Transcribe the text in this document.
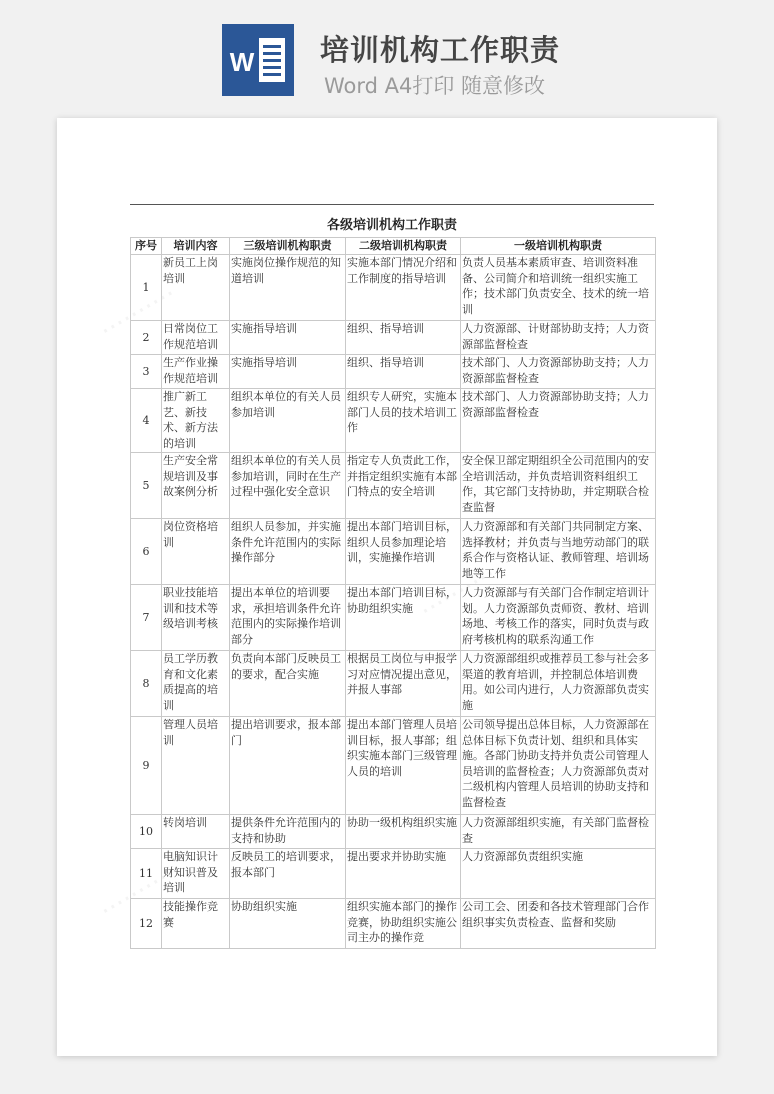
W 培训机构工作职责
Word A4打印 随意修改
各级培训机构工作职责
序号	培训内容	三级培训机构职责	二级培训机构职责	一级培训机构职责
1	新员工上岗培训	实施岗位操作规范的知道培训	实施本部门情况介绍和工作制度的指导培训	负责人员基本素质审查、培训资料准备、公司简介和培训统一组织实施工作；技术部门负责安全、技术的统一培训
2	日常岗位工作规范培训	实施指导培训	组织、指导培训	人力资源部、计财部协助支持；人力资源部监督检查
3	生产作业操作规范培训	实施指导培训	组织、指导培训	技术部门、人力资源部协助支持；人力资源部监督检查
4	推广新工艺、新技术、新方法的培训	组织本单位的有关人员参加培训	组织专人研究，实施本部门人员的技术培训工作	技术部门、人力资源部协助支持；人力资源部监督检查
5	生产安全常规培训及事故案例分析	组织本单位的有关人员参加培训，同时在生产过程中强化安全意识	指定专人负责此工作，并指定组织实施有本部门特点的安全培训	安全保卫部定期组织全公司范围内的安全培训活动，并负责培训资料组织工作，其它部门支持协助，并定期联合检查监督
6	岗位资格培训	组织人员参加，并实施条件允许范围内的实际操作部分	提出本部门培训目标，组织人员参加理论培训，实施操作培训	人力资源部和有关部门共同制定方案、选择教材；并负责与当地劳动部门的联系合作与资格认证、教师管理、培训场地等工作
7	职业技能培训和技术等级培训考核	提出本单位的培训要求，承担培训条件允许范围内的实际操作培训部分	提出本部门培训目标，协助组织实施	人力资源部与有关部门合作制定培训计划。人力资源部负责师资、教材、培训场地、考核工作的落实，同时负责与政府考核机构的联系沟通工作
8	员工学历教育和文化素质提高的培训	负责向本部门反映员工的要求，配合实施	根据员工岗位与申报学习对应情况提出意见，并报人事部	人力资源部组织或推荐员工参与社会多渠道的教育培训，并控制总体培训费用。如公司内进行，人力资源部负责实施
9	管理人员培训	提出培训要求，报本部门	提出本部门管理人员培训目标，报人事部；组织实施本部门三级管理人员的培训	公司领导提出总体目标，人力资源部在总体目标下负责计划、组织和具体实施。各部门协助支持并负责公司管理人员培训的监督检查；人力资源部负责对二级机构内管理人员培训的协助支持和监督检查
10	转岗培训	提供条件允许范围内的支持和协助	协助一级机构组织实施	人力资源部组织实施，有关部门监督检查
11	电脑知识计财知识普及培训	反映员工的培训要求，报本部门	提出要求并协助实施	人力资源部负责组织实施
12	技能操作竞赛	协助组织实施	组织实施本部门的操作竞赛，协助组织实施公司主办的操作竞	公司工会、团委和各技术管理部门合作组织事实负责检查、监督和奖励
